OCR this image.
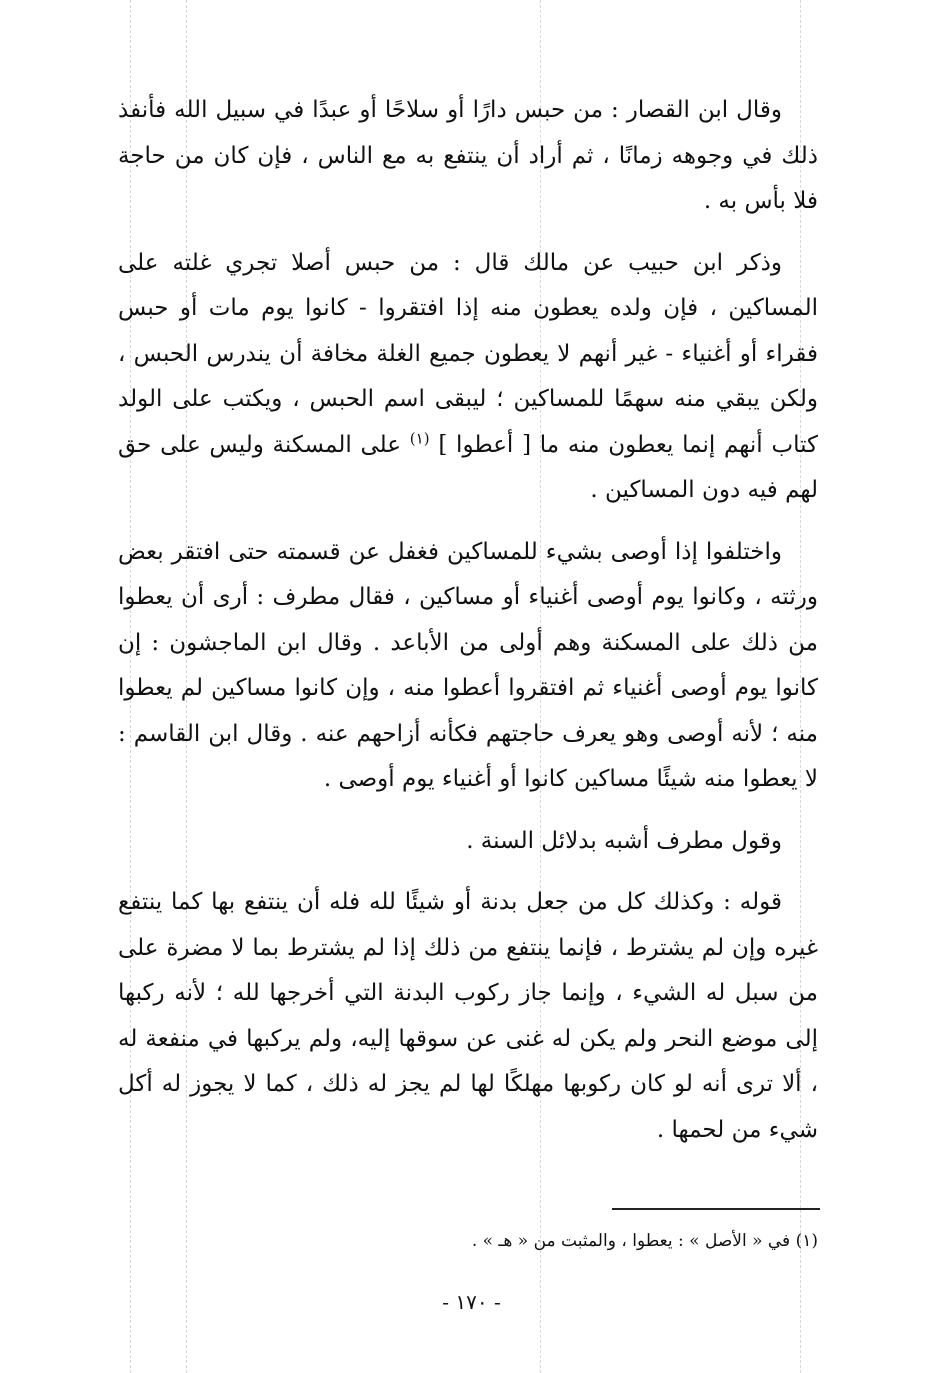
وقال ابن القصار : من حبس دارًا أو سلاحًا أو عبدًا في سبيل الله فأنفذ ذلك في وجوهه زمانًا ، ثم أراد أن ينتفع به مع الناس ، فإن كان من حاجة فلا بأس به .

وذكر ابن حبيب عن مالك قال : من حبس أصلا تجري غلته على المساكين ، فإن ولده يعطون منه إذا افتقروا - كانوا يوم مات أو حبس فقراء أو أغنياء - غير أنهم لا يعطون جميع الغلة مخافة أن يندرس الحبس ، ولكن يبقي منه سهمًا للمساكين ؛ ليبقى اسم الحبس ، ويكتب على الولد كتاب أنهم إنما يعطون منه ما [ أعطوا ] $^{(١)}$ على المسكنة وليس على حق لهم فيه دون المساكين .

واختلفوا إذا أوصى بشيء للمساكين فغفل عن قسمته حتى افتقر بعض ورثته ، وكانوا يوم أوصى أغنياء أو مساكين ، فقال مطرف : أرى أن يعطوا من ذلك على المسكنة وهم أولى من الأباعد . وقال ابن الماجشون : إن كانوا يوم أوصى أغنياء ثم افتقروا أعطوا منه ، وإن كانوا مساكين لم يعطوا منه ؛ لأنه أوصى وهو يعرف حاجتهم فكأنه أزاحهم عنه . وقال ابن القاسم : لا يعطوا منه شيئًا مساكين كانوا أو أغنياء يوم أوصى .

وقول مطرف أشبه بدلائل السنة .

قوله : وكذلك كل من جعل بدنة أو شيئًا لله فله أن ينتفع بها كما ينتفع غيره وإن لم يشترط ، فإنما ينتفع من ذلك إذا لم يشترط بما لا مضرة على من سبل له الشيء ، وإنما جاز ركوب البدنة التي أخرجها لله ؛ لأنه ركبها إلى موضع النحر ولم يكن له غنى عن سوقها إليه، ولم يركبها في منفعة له ، ألا ترى أنه لو كان ركوبها مهلكًا لها لم يجز له ذلك ، كما لا يجوز له أكل شيء من لحمها .

(١) في « الأصل » : يعطوا ، والمثبت من « هـ » .
- ١٧٠ -
